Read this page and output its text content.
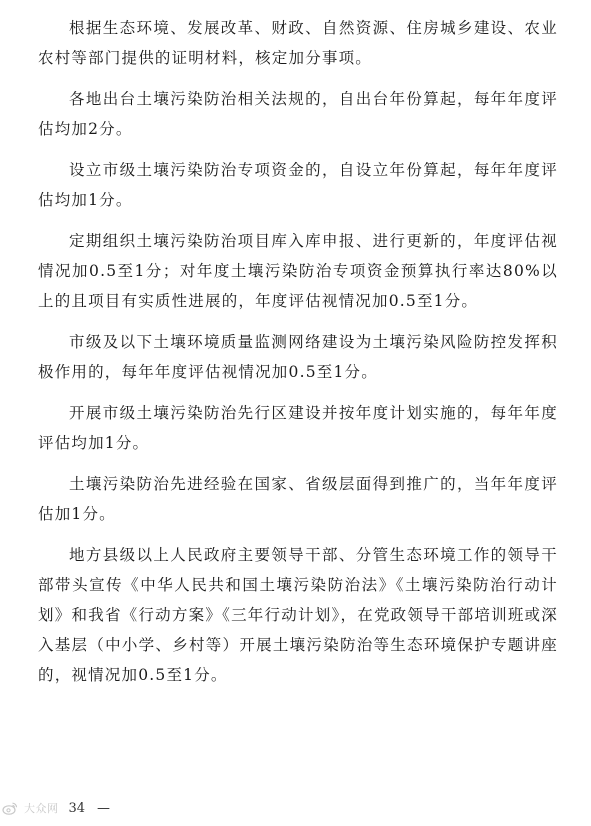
根据生态环境、发展改革、财政、自然资源、住房城乡建设、农业农村等部门提供的证明材料，核定加分事项。

各地出台土壤污染防治相关法规的，自出台年份算起，每年年度评估均加2分。

设立市级土壤污染防治专项资金的，自设立年份算起，每年年度评估均加1分。

定期组织土壤污染防治项目库入库申报、进行更新的，年度评估视情况加0.5至1分；对年度土壤污染防治专项资金预算执行率达80%以上的且项目有实质性进展的，年度评估视情况加0.5至1分。

市级及以下土壤环境质量监测网络建设为土壤污染风险防控发挥积极作用的，每年年度评估视情况加0.5至1分。

开展市级土壤污染防治先行区建设并按年度计划实施的，每年年度评估均加1分。

土壤污染防治先进经验在国家、省级层面得到推广的，当年年度评估加1分。

地方县级以上人民政府主要领导干部、分管生态环境工作的领导干部带头宣传《中华人民共和国土壤污染防治法》《土壤污染防治行动计划》和我省《行动方案》《三年行动计划》，在党政领导干部培训班或深入基层（中小学、乡村等）开展土壤污染防治等生态环境保护专题讲座的，视情况加0.5至1分。

大众网 34 —
